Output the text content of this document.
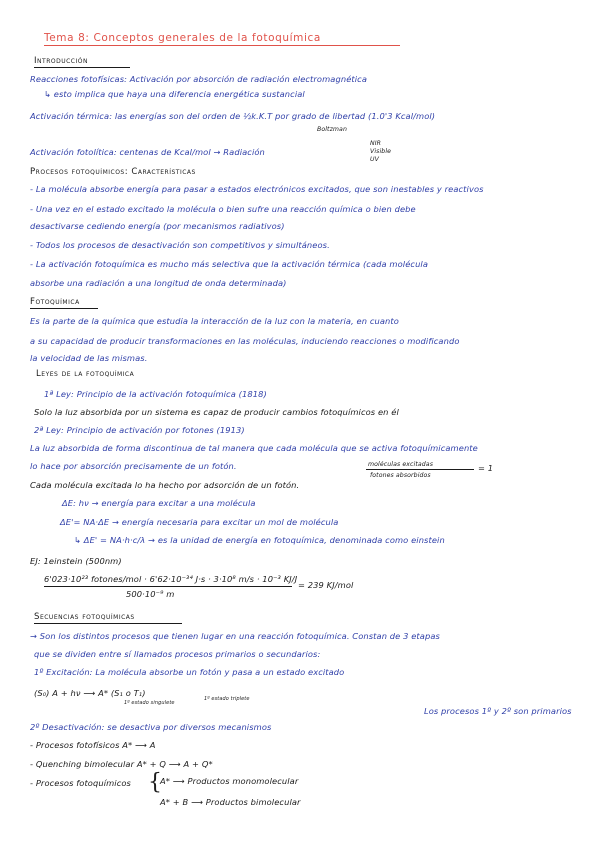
Tema 8: Conceptos generales de la fotoquímica
Introducción
Reacciones fotofísicas: Activación por absorción de radiación electromagnética
↳ esto implica que haya una diferencia energética sustancial
Activación térmica: las energías son del orden de ½k.K.T por grado de libertad (1.0'3 Kcal/mol)
Boltzman
Activación fotolítica: centenas de Kcal/mol → Radiación
NIR
Visible
UV
Procesos fotoquímicos: Características
- La molécula absorbe energía para pasar a estados electrónicos excitados, que son inestables y reactivos
- Una vez en el estado excitado la molécula o bien sufre una reacción química o bien debe
desactivarse cediendo energía (por mecanismos radiativos)
- Todos los procesos de desactivación son competitivos y simultáneos.
- La activación fotoquímica es mucho más selectiva que la activación térmica (cada molécula
absorbe una radiación a una longitud de onda determinada)
Fotoquímica
Es la parte de la química que estudia la interacción de la luz con la materia, en cuanto
a su capacidad de producir transformaciones en las moléculas, induciendo reacciones o modificando
la velocidad de las mismas.
Leyes de la fotoquímica
1ª Ley: Principio de la activación fotoquímica (1818)
Solo la luz absorbida por un sistema es capaz de producir cambios fotoquímicos en él
2ª Ley: Principio de activación por fotones (1913)
La luz absorbida de forma discontinua de tal manera que cada molécula que se activa fotoquímicamente
lo hace por absorción precisamente de un fotón.	moléculas excitadas
fotones absorbidos
= 1
Cada molécula excitada lo ha hecho por adsorción de un fotón.
ΔE: hν → energía para excitar a una molécula
ΔE'= NA·ΔE → energía necesaria para excitar un mol de molécula
↳ ΔE' = NA·h·c/λ → es la unidad de energía en fotoquímica, denominada como einstein
EJ: 1einstein (500nm)
6'023·10²³ fotones/mol · 6'62·10⁻³⁴ J·s · 3·10⁸ m/s · 10⁻³ KJ/J
500·10⁻⁹ m
= 239 KJ/mol
Secuencias fotoquímicas
→ Son los distintos procesos que tienen lugar en una reacción fotoquímica. Constan de 3 etapas
que se dividen entre sí llamados procesos primarios o secundarios:
1º Excitación: La molécula absorbe un fotón y pasa a un estado excitado
(S₀) A + hν ⟶ A* (S₁ o T₁)
1º estado singulete
1º estado triplete
Los procesos 1º y 2º son primarios
2º Desactivación: se desactiva por diversos mecanismos
- Procesos fotofísicos A* ⟶ A
- Quenching bimolecular A* + Q ⟶ A + Q*
- Procesos fotoquímicos {
A* ⟶ Productos monomolecular
A* + B ⟶ Productos bimolecular
